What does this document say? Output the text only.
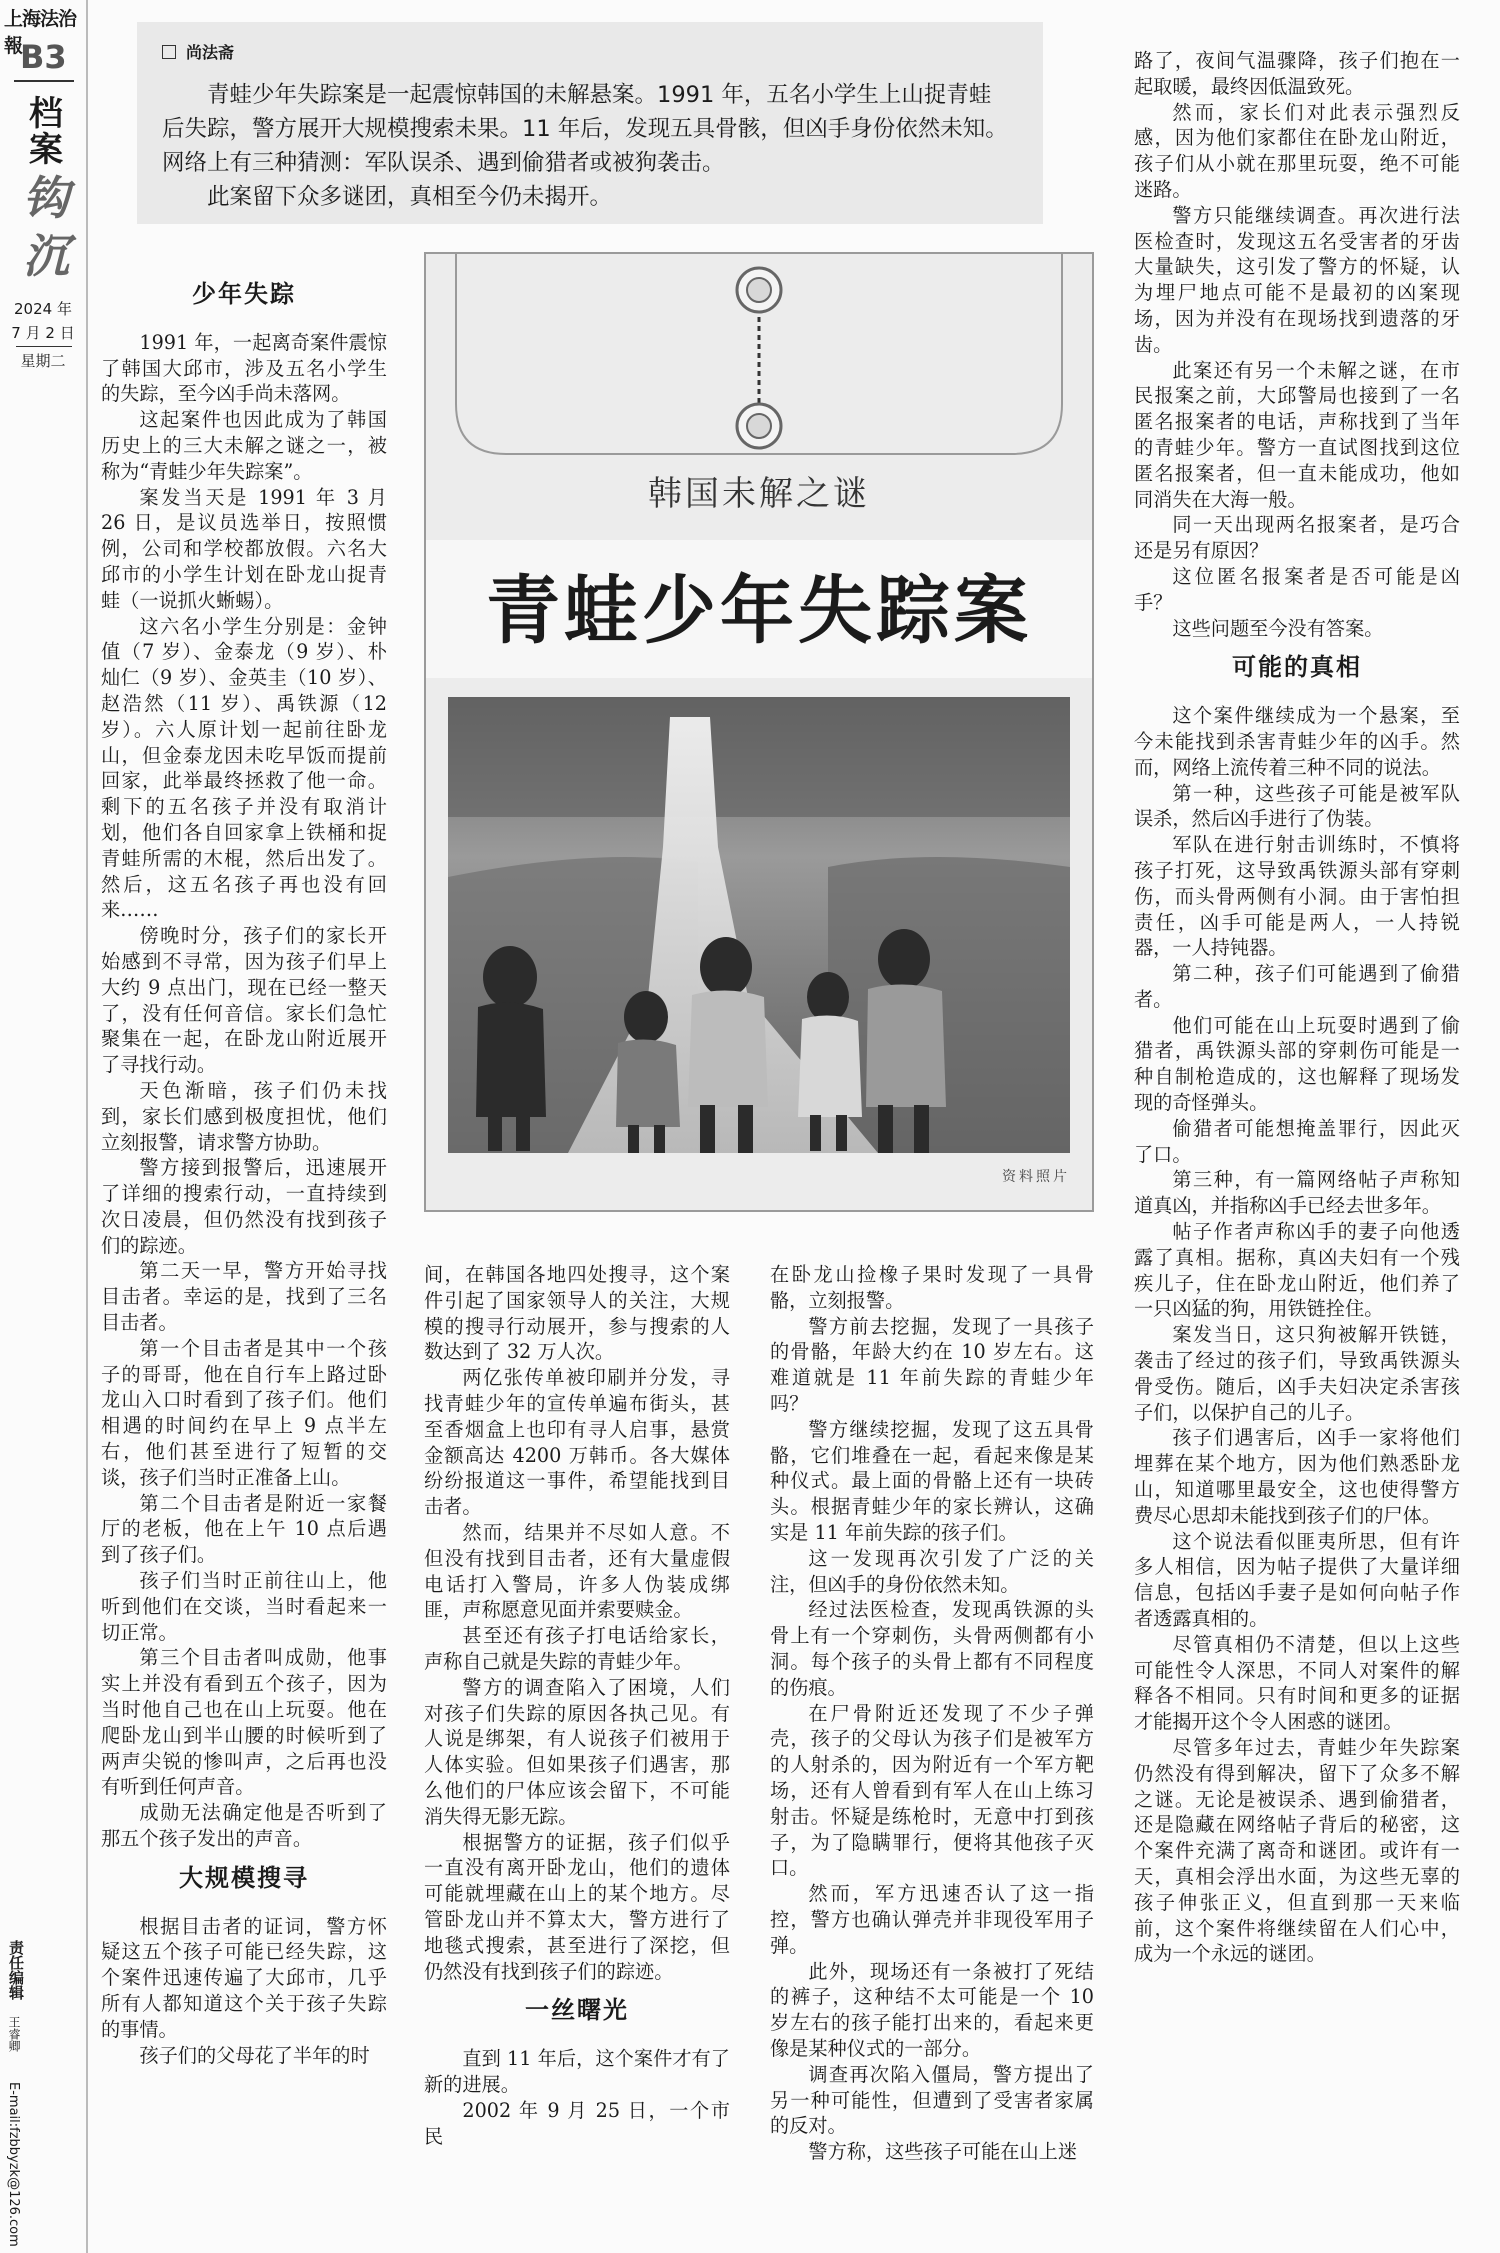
上海法治報
B3
档
案
钩
沉
2024 年
7 月 2 日
星期二
责任编辑
王睿卿
E-mail:fzbbyzk@126.com
尚法斋

青蛙少年失踪案是一起震惊韩国的未解悬案。1991 年，五名小学生上山捉青蛙后失踪，警方展开大规模搜索未果。11 年后，发现五具骨骸，但凶手身份依然未知。网络上有三种猜测：军队误杀、遇到偷猎者或被狗袭击。

此案留下众多谜团，真相至今仍未揭开。

韩国未解之谜
青蛙少年失踪案
资料照片
少年失踪

1991 年，一起离奇案件震惊了韩国大邱市，涉及五名小学生的失踪，至今凶手尚未落网。

这起案件也因此成为了韩国历史上的三大未解之谜之一，被称为“青蛙少年失踪案”。

案发当天是 1991 年 3 月 26 日，是议员选举日，按照惯例，公司和学校都放假。六名大邱市的小学生计划在卧龙山捉青蛙（一说抓火蜥蜴）。

这六名小学生分别是：金钟值（7 岁）、金泰龙（9 岁）、朴灿仁（9 岁）、金英圭（10 岁）、赵浩然（11 岁）、禹铁源（12 岁）。六人原计划一起前往卧龙山，但金泰龙因未吃早饭而提前回家，此举最终拯救了他一命。剩下的五名孩子并没有取消计划，他们各自回家拿上铁桶和捉青蛙所需的木棍，然后出发了。然后，这五名孩子再也没有回来……

傍晚时分，孩子们的家长开始感到不寻常，因为孩子们早上大约 9 点出门，现在已经一整天了，没有任何音信。家长们急忙聚集在一起，在卧龙山附近展开了寻找行动。

天色渐暗，孩子们仍未找到，家长们感到极度担忧，他们立刻报警，请求警方协助。

警方接到报警后，迅速展开了详细的搜索行动，一直持续到次日凌晨，但仍然没有找到孩子们的踪迹。

第二天一早，警方开始寻找目击者。幸运的是，找到了三名目击者。

第一个目击者是其中一个孩子的哥哥，他在自行车上路过卧龙山入口时看到了孩子们。他们相遇的时间约在早上 9 点半左右，他们甚至进行了短暂的交谈，孩子们当时正准备上山。

第二个目击者是附近一家餐厅的老板，他在上午 10 点后遇到了孩子们。

孩子们当时正前往山上，他听到他们在交谈，当时看起来一切正常。

第三个目击者叫成勋，他事实上并没有看到五个孩子，因为当时他自己也在山上玩耍。他在爬卧龙山到半山腰的时候听到了两声尖锐的惨叫声，之后再也没有听到任何声音。

成勋无法确定他是否听到了那五个孩子发出的声音。

大规模搜寻

根据目击者的证词，警方怀疑这五个孩子可能已经失踪，这个案件迅速传遍了大邱市，几乎所有人都知道这个关于孩子失踪的事情。

孩子们的父母花了半年的时

间，在韩国各地四处搜寻，这个案件引起了国家领导人的关注，大规模的搜寻行动展开，参与搜索的人数达到了 32 万人次。

两亿张传单被印刷并分发，寻找青蛙少年的宣传单遍布街头，甚至香烟盒上也印有寻人启事，悬赏金额高达 4200 万韩币。各大媒体纷纷报道这一事件，希望能找到目击者。

然而，结果并不尽如人意。不但没有找到目击者，还有大量虚假电话打入警局，许多人伪装成绑匪，声称愿意见面并索要赎金。

甚至还有孩子打电话给家长，声称自己就是失踪的青蛙少年。

警方的调查陷入了困境，人们对孩子们失踪的原因各执己见。有人说是绑架，有人说孩子们被用于人体实验。但如果孩子们遇害，那么他们的尸体应该会留下，不可能消失得无影无踪。

根据警方的证据，孩子们似乎一直没有离开卧龙山，他们的遗体可能就埋藏在山上的某个地方。尽管卧龙山并不算太大，警方进行了地毯式搜索，甚至进行了深挖，但仍然没有找到孩子们的踪迹。

一丝曙光

直到 11 年后，这个案件才有了新的进展。

2002 年 9 月 25 日，一个市民

在卧龙山捡橡子果时发现了一具骨骼，立刻报警。

警方前去挖掘，发现了一具孩子的骨骼，年龄大约在 10 岁左右。这难道就是 11 年前失踪的青蛙少年吗？

警方继续挖掘，发现了这五具骨骼，它们堆叠在一起，看起来像是某种仪式。最上面的骨骼上还有一块砖头。根据青蛙少年的家长辨认，这确实是 11 年前失踪的孩子们。

这一发现再次引发了广泛的关注，但凶手的身份依然未知。

经过法医检查，发现禹铁源的头骨上有一个穿刺伤，头骨两侧都有小洞。每个孩子的头骨上都有不同程度的伤痕。

在尸骨附近还发现了不少子弹壳，孩子的父母认为孩子们是被军方的人射杀的，因为附近有一个军方靶场，还有人曾看到有军人在山上练习射击。怀疑是练枪时，无意中打到孩子，为了隐瞒罪行，便将其他孩子灭口。

然而，军方迅速否认了这一指控，警方也确认弹壳并非现役军用子弹。

此外，现场还有一条被打了死结的裤子，这种结不太可能是一个 10 岁左右的孩子能打出来的，看起来更像是某种仪式的一部分。

调查再次陷入僵局，警方提出了另一种可能性，但遭到了受害者家属的反对。

警方称，这些孩子可能在山上迷

路了，夜间气温骤降，孩子们抱在一起取暖，最终因低温致死。

然而，家长们对此表示强烈反感，因为他们家都住在卧龙山附近，孩子们从小就在那里玩耍，绝不可能迷路。

警方只能继续调查。再次进行法医检查时，发现这五名受害者的牙齿大量缺失，这引发了警方的怀疑，认为埋尸地点可能不是最初的凶案现场，因为并没有在现场找到遗落的牙齿。

此案还有另一个未解之谜，在市民报案之前，大邱警局也接到了一名匿名报案者的电话，声称找到了当年的青蛙少年。警方一直试图找到这位匿名报案者，但一直未能成功，他如同消失在大海一般。

同一天出现两名报案者，是巧合还是另有原因？

这位匿名报案者是否可能是凶手？

这些问题至今没有答案。

可能的真相

这个案件继续成为一个悬案，至今未能找到杀害青蛙少年的凶手。然而，网络上流传着三种不同的说法。

第一种，这些孩子可能是被军队误杀，然后凶手进行了伪装。

军队在进行射击训练时，不慎将孩子打死，这导致禹铁源头部有穿刺伤，而头骨两侧有小洞。由于害怕担责任，凶手可能是两人，一人持锐器，一人持钝器。

第二种，孩子们可能遇到了偷猎者。

他们可能在山上玩耍时遇到了偷猎者，禹铁源头部的穿刺伤可能是一种自制枪造成的，这也解释了现场发现的奇怪弹头。

偷猎者可能想掩盖罪行，因此灭了口。

第三种，有一篇网络帖子声称知道真凶，并指称凶手已经去世多年。

帖子作者声称凶手的妻子向他透露了真相。据称，真凶夫妇有一个残疾儿子，住在卧龙山附近，他们养了一只凶猛的狗，用铁链拴住。

案发当日，这只狗被解开铁链，袭击了经过的孩子们，导致禹铁源头骨受伤。随后，凶手夫妇决定杀害孩子们，以保护自己的儿子。

孩子们遇害后，凶手一家将他们埋葬在某个地方，因为他们熟悉卧龙山，知道哪里最安全，这也使得警方费尽心思却未能找到孩子们的尸体。

这个说法看似匪夷所思，但有许多人相信，因为帖子提供了大量详细信息，包括凶手妻子是如何向帖子作者透露真相的。

尽管真相仍不清楚，但以上这些可能性令人深思，不同人对案件的解释各不相同。只有时间和更多的证据才能揭开这个令人困惑的谜团。

尽管多年过去，青蛙少年失踪案仍然没有得到解决，留下了众多不解之谜。无论是被误杀、遇到偷猎者，还是隐藏在网络帖子背后的秘密，这个案件充满了离奇和谜团。或许有一天，真相会浮出水面，为这些无辜的孩子伸张正义，但直到那一天来临前，这个案件将继续留在人们心中，成为一个永远的谜团。
